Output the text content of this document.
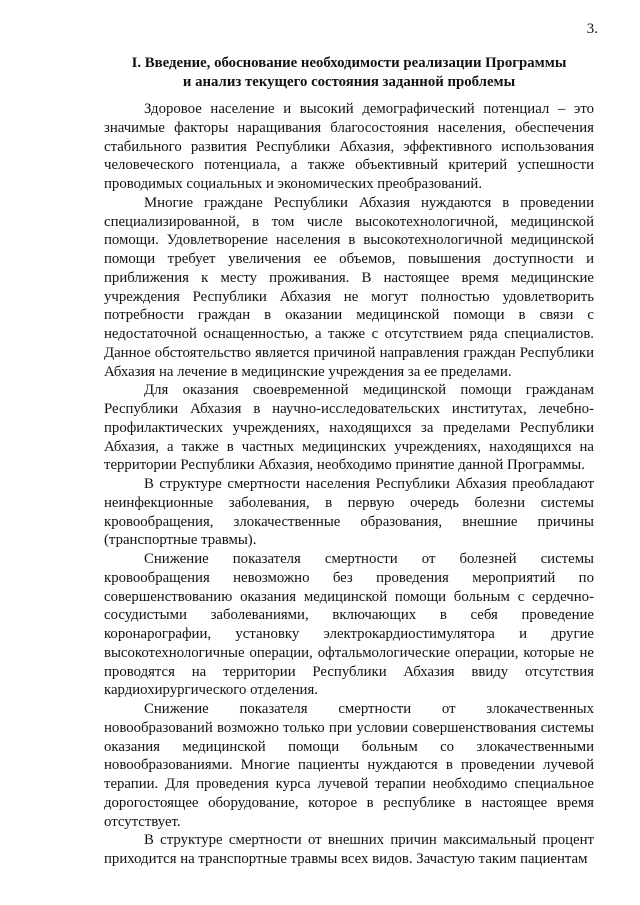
3.
I. Введение, обоснование необходимости реализации Программы
и анализ текущего состояния заданной проблемы

Здоровое население и высокий демографический потенциал – это значимые факторы наращивания благосостояния населения, обеспечения стабильного развития Республики Абхазия, эффективного использования человеческого потенциала, а также объективный критерий успешности проводимых социальных и экономических преобразований.

Многие граждане Республики Абхазия нуждаются в проведении специализированной, в том числе высокотехнологичной, медицинской помощи. Удовлетворение населения в высокотехнологичной медицинской помощи требует увеличения ее объемов, повышения доступности и приближения к месту проживания. В настоящее время медицинские учреждения Республики Абхазия не могут полностью удовлетворить потребности граждан в оказании медицинской помощи в связи с недостаточной оснащенностью, а также с отсутствием ряда специалистов. Данное обстоятельство является причиной направления граждан Республики Абхазия на лечение в медицинские учреждения за ее пределами.

Для оказания своевременной медицинской помощи гражданам Республики Абхазия в научно-исследовательских институтах, лечебно-профилактических учреждениях, находящихся за пределами Республики Абхазия, а также в частных медицинских учреждениях, находящихся на территории Республики Абхазия, необходимо принятие данной Программы.

В структуре смертности населения Республики Абхазия преобладают неинфекционные заболевания, в первую очередь болезни системы кровообращения, злокачественные образования, внешние причины (транспортные травмы).

Снижение показателя смертности от болезней системы кровообращения невозможно без проведения мероприятий по совершенствованию оказания медицинской помощи больным с сердечно-сосудистыми заболеваниями, включающих в себя проведение коронарографии, установку электрокардиостимулятора и другие высокотехнологичные операции, офтальмологические операции, которые не проводятся на территории Республики Абхазия ввиду отсутствия кардиохирургического отделения.

Снижение показателя смертности от злокачественных новообразований возможно только при условии совершенствования системы оказания медицинской помощи больным со злокачественными новообразованиями. Многие пациенты нуждаются в проведении лучевой терапии. Для проведения курса лучевой терапии необходимо специальное дорогостоящее оборудование, которое в республике в настоящее время отсутствует.

В структуре смертности от внешних причин максимальный процент приходится на транспортные травмы всех видов. Зачастую таким пациентам
